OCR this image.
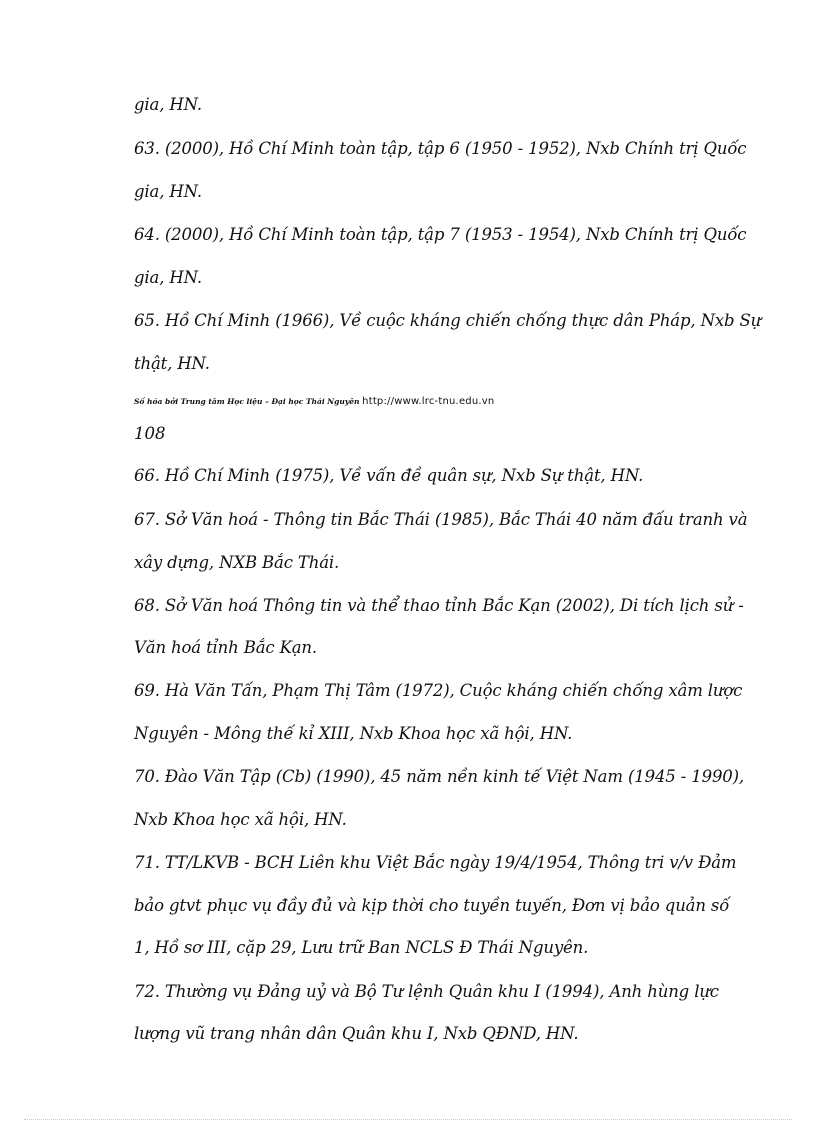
gia, HN.
63. (2000), Hồ Chí Minh toàn tập, tập 6 (1950 - 1952), Nxb Chính trị Quốc
gia, HN.
64. (2000), Hồ Chí Minh toàn tập, tập 7 (1953 - 1954), Nxb Chính trị Quốc
gia, HN.
65. Hồ Chí Minh (1966), Về cuộc kháng chiến chống thực dân Pháp, Nxb Sự
thật, HN.
Số hóa bởi Trung tâm Học liệu – Đại học Thái Nguyên http://www.lrc-tnu.edu.vn
108
66. Hồ Chí Minh (1975), Về vấn đề quân sự, Nxb Sự thật, HN.
67. Sở Văn hoá - Thông tin Bắc Thái (1985), Bắc Thái 40 năm đấu tranh và
xây dựng, NXB Bắc Thái.
68. Sở Văn hoá Thông tin và thể thao tỉnh Bắc Kạn (2002), Di tích lịch sử -
Văn hoá tỉnh Bắc Kạn.
69. Hà Văn Tấn, Phạm Thị Tâm (1972), Cuộc kháng chiến chống xâm lược
Nguyên - Mông thế kỉ XIII, Nxb Khoa học xã hội, HN.
70. Đào Văn Tập (Cb) (1990), 45 năm nền kinh tế Việt Nam (1945 - 1990),
Nxb Khoa học xã hội, HN.
71. TT/LKVB - BCH Liên khu Việt Bắc ngày 19/4/1954, Thông tri v/v Đảm
bảo gtvt phục vụ đầy đủ và kịp thời cho tuyền tuyến, Đơn vị bảo quản số
1, Hồ sơ III, cặp 29, Lưu trữ Ban NCLS Đ Thái Nguyên.
72. Thường vụ Đảng uỷ và Bộ Tư lệnh Quân khu I (1994), Anh hùng lực
lượng vũ trang nhân dân Quân khu I, Nxb QĐND, HN.
